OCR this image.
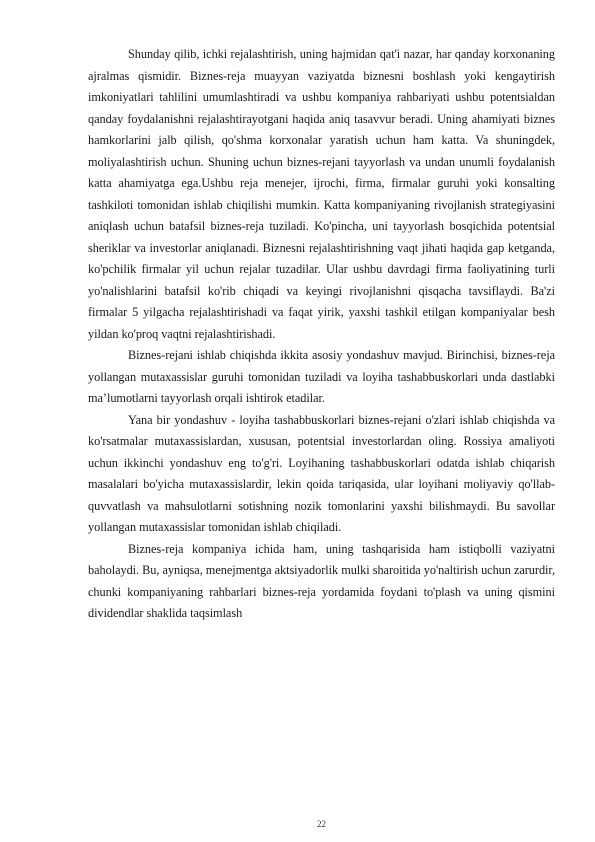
Shunday qilib, ichki rejalashtirish, uning hajmidan qat'i nazar, har qanday korxonaning ajralmas qismidir. Biznes-reja muayyan vaziyatda biznesni boshlash yoki kengaytirish imkoniyatlari tahlilini umumlashtiradi va ushbu kompaniya rahbariyati ushbu potentsialdan qanday foydalanishni rejalashtirayotgani haqida aniq tasavvur beradi. Uning ahamiyati biznes hamkorlarini jalb qilish, qo'shma korxonalar yaratish uchun ham katta. Va shuningdek, moliyalashtirish uchun. Shuning uchun biznes-rejani tayyorlash va undan unumli foydalanish katta ahamiyatga ega.Ushbu reja menejer, ijrochi, firma, firmalar guruhi yoki konsalting tashkiloti tomonidan ishlab chiqilishi mumkin. Katta kompaniyaning rivojlanish strategiyasini aniqlash uchun batafsil biznes-reja tuziladi. Ko'pincha, uni tayyorlash bosqichida potentsial sheriklar va investorlar aniqlanadi. Biznesni rejalashtirishning vaqt jihati haqida gap ketganda, ko'pchilik firmalar yil uchun rejalar tuzadilar. Ular ushbu davrdagi firma faoliyatining turli yo'nalishlarini batafsil ko'rib chiqadi va keyingi rivojlanishni qisqacha tavsiflaydi. Ba'zi firmalar 5 yilgacha rejalashtirishadi va faqat yirik, yaxshi tashkil etilgan kompaniyalar besh yildan ko'proq vaqtni rejalashtirishadi.

Biznes-rejani ishlab chiqishda ikkita asosiy yondashuv mavjud. Birinchisi, biznes-reja yollangan mutaxassislar guruhi tomonidan tuziladi va loyiha tashabbuskorlari unda dastlabki ma’lumotlarni tayyorlash orqali ishtirok etadilar.

Yana bir yondashuv - loyiha tashabbuskorlari biznes-rejani o'zlari ishlab chiqishda va ko'rsatmalar mutaxassislardan, xususan, potentsial investorlardan oling. Rossiya amaliyoti uchun ikkinchi yondashuv eng to'g'ri. Loyihaning tashabbuskorlari odatda ishlab chiqarish masalalari bo'yicha mutaxassislardir, lekin qoida tariqasida, ular loyihani moliyaviy qo'llab-quvvatlash va mahsulotlarni sotishning nozik tomonlarini yaxshi bilishmaydi. Bu savollar yollangan mutaxassislar tomonidan ishlab chiqiladi.

Biznes-reja kompaniya ichida ham, uning tashqarisida ham istiqbolli vaziyatni baholaydi. Bu, ayniqsa, menejmentga aktsiyadorlik mulki sharoitida yo'naltirish uchun zarurdir, chunki kompaniyaning rahbarlari biznes-reja yordamida foydani to'plash va uning qismini dividendlar shaklida taqsimlash

22
